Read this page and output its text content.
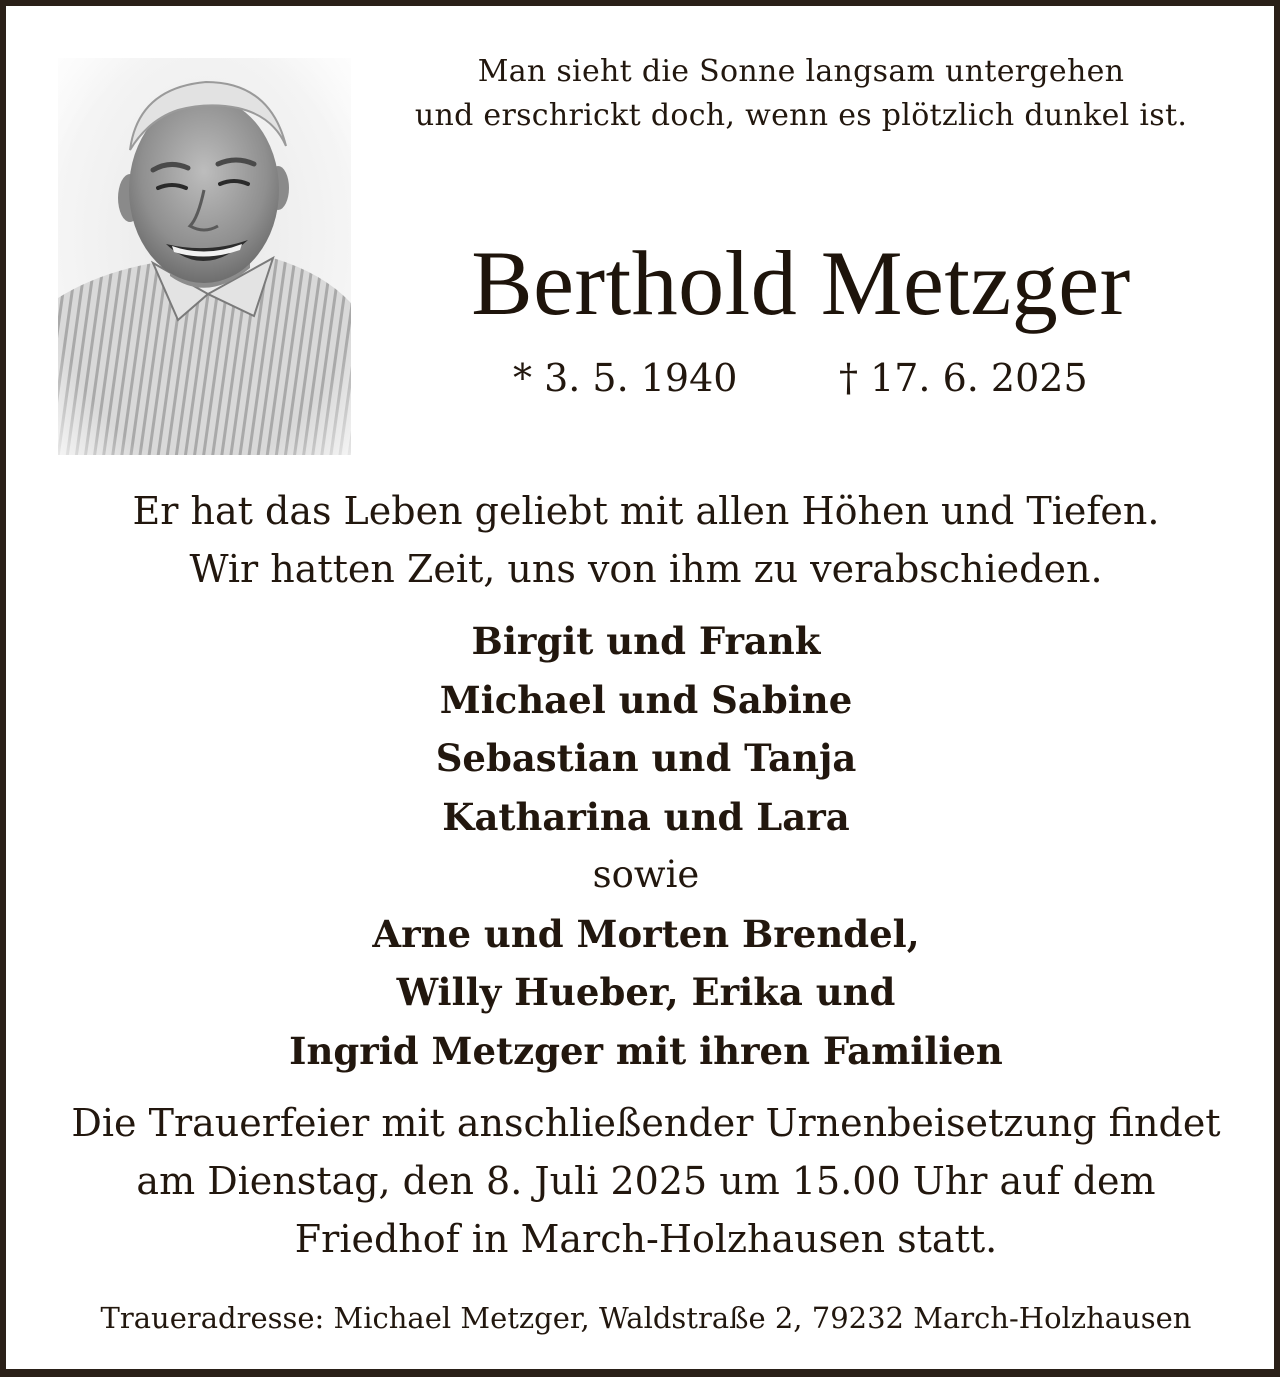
Man sieht die Sonne langsam untergehen
und erschrickt doch, wenn es plötzlich dunkel ist.
Berthold Metzger
* 3. 5. 1940	† 17. 6. 2025
Er hat das Leben geliebt mit allen Höhen und Tiefen.
Wir hatten Zeit, uns von ihm zu verabschieden.
Birgit und Frank
Michael und Sabine
Sebastian und Tanja
Katharina und Lara
sowie
Arne und Morten Brendel,
Willy Hueber, Erika und
Ingrid Metzger mit ihren Familien
Die Trauerfeier mit anschließender Urnenbeisetzung findet
am Dienstag, den 8. Juli 2025 um 15.00 Uhr auf dem
Friedhof in March-Holzhausen statt.
Traueradresse: Michael Metzger, Waldstraße 2, 79232 March-Holzhausen
